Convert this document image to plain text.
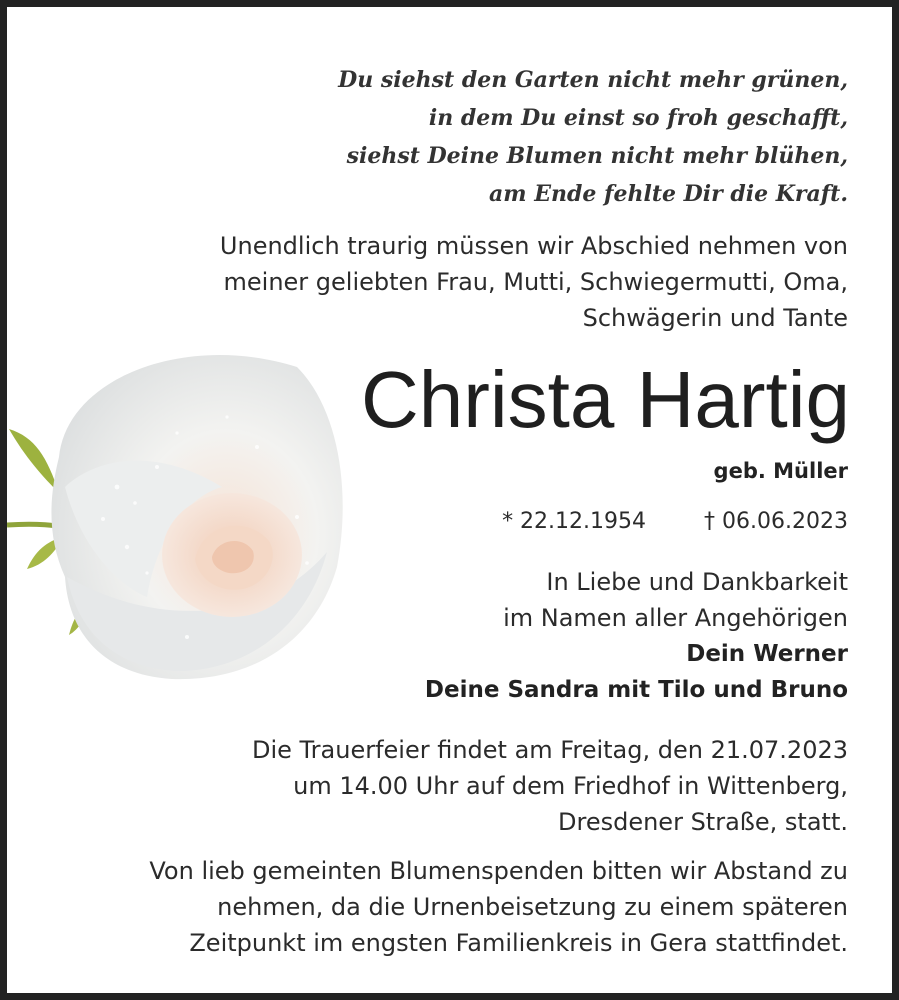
Du siehst den Garten nicht mehr grünen,
in dem Du einst so froh geschafft,
siehst Deine Blumen nicht mehr blühen,
am Ende fehlte Dir die Kraft.
Unendlich traurig müssen wir Abschied nehmen von
meiner geliebten Frau, Mutti, Schwiegermutti, Oma,
Schwägerin und Tante
Christa Hartig
geb. Müller
* 22.12.1954	† 06.06.2023
In Liebe und Dankbarkeit
im Namen aller Angehörigen
Dein Werner
Deine Sandra mit Tilo und Bruno
Die Trauerfeier findet am Freitag, den 21.07.2023
um 14.00 Uhr auf dem Friedhof in Wittenberg,
Dresdener Straße, statt.
Von lieb gemeinten Blumenspenden bitten wir Abstand zu
nehmen, da die Urnenbeisetzung zu einem späteren
Zeitpunkt im engsten Familienkreis in Gera stattfindet.
